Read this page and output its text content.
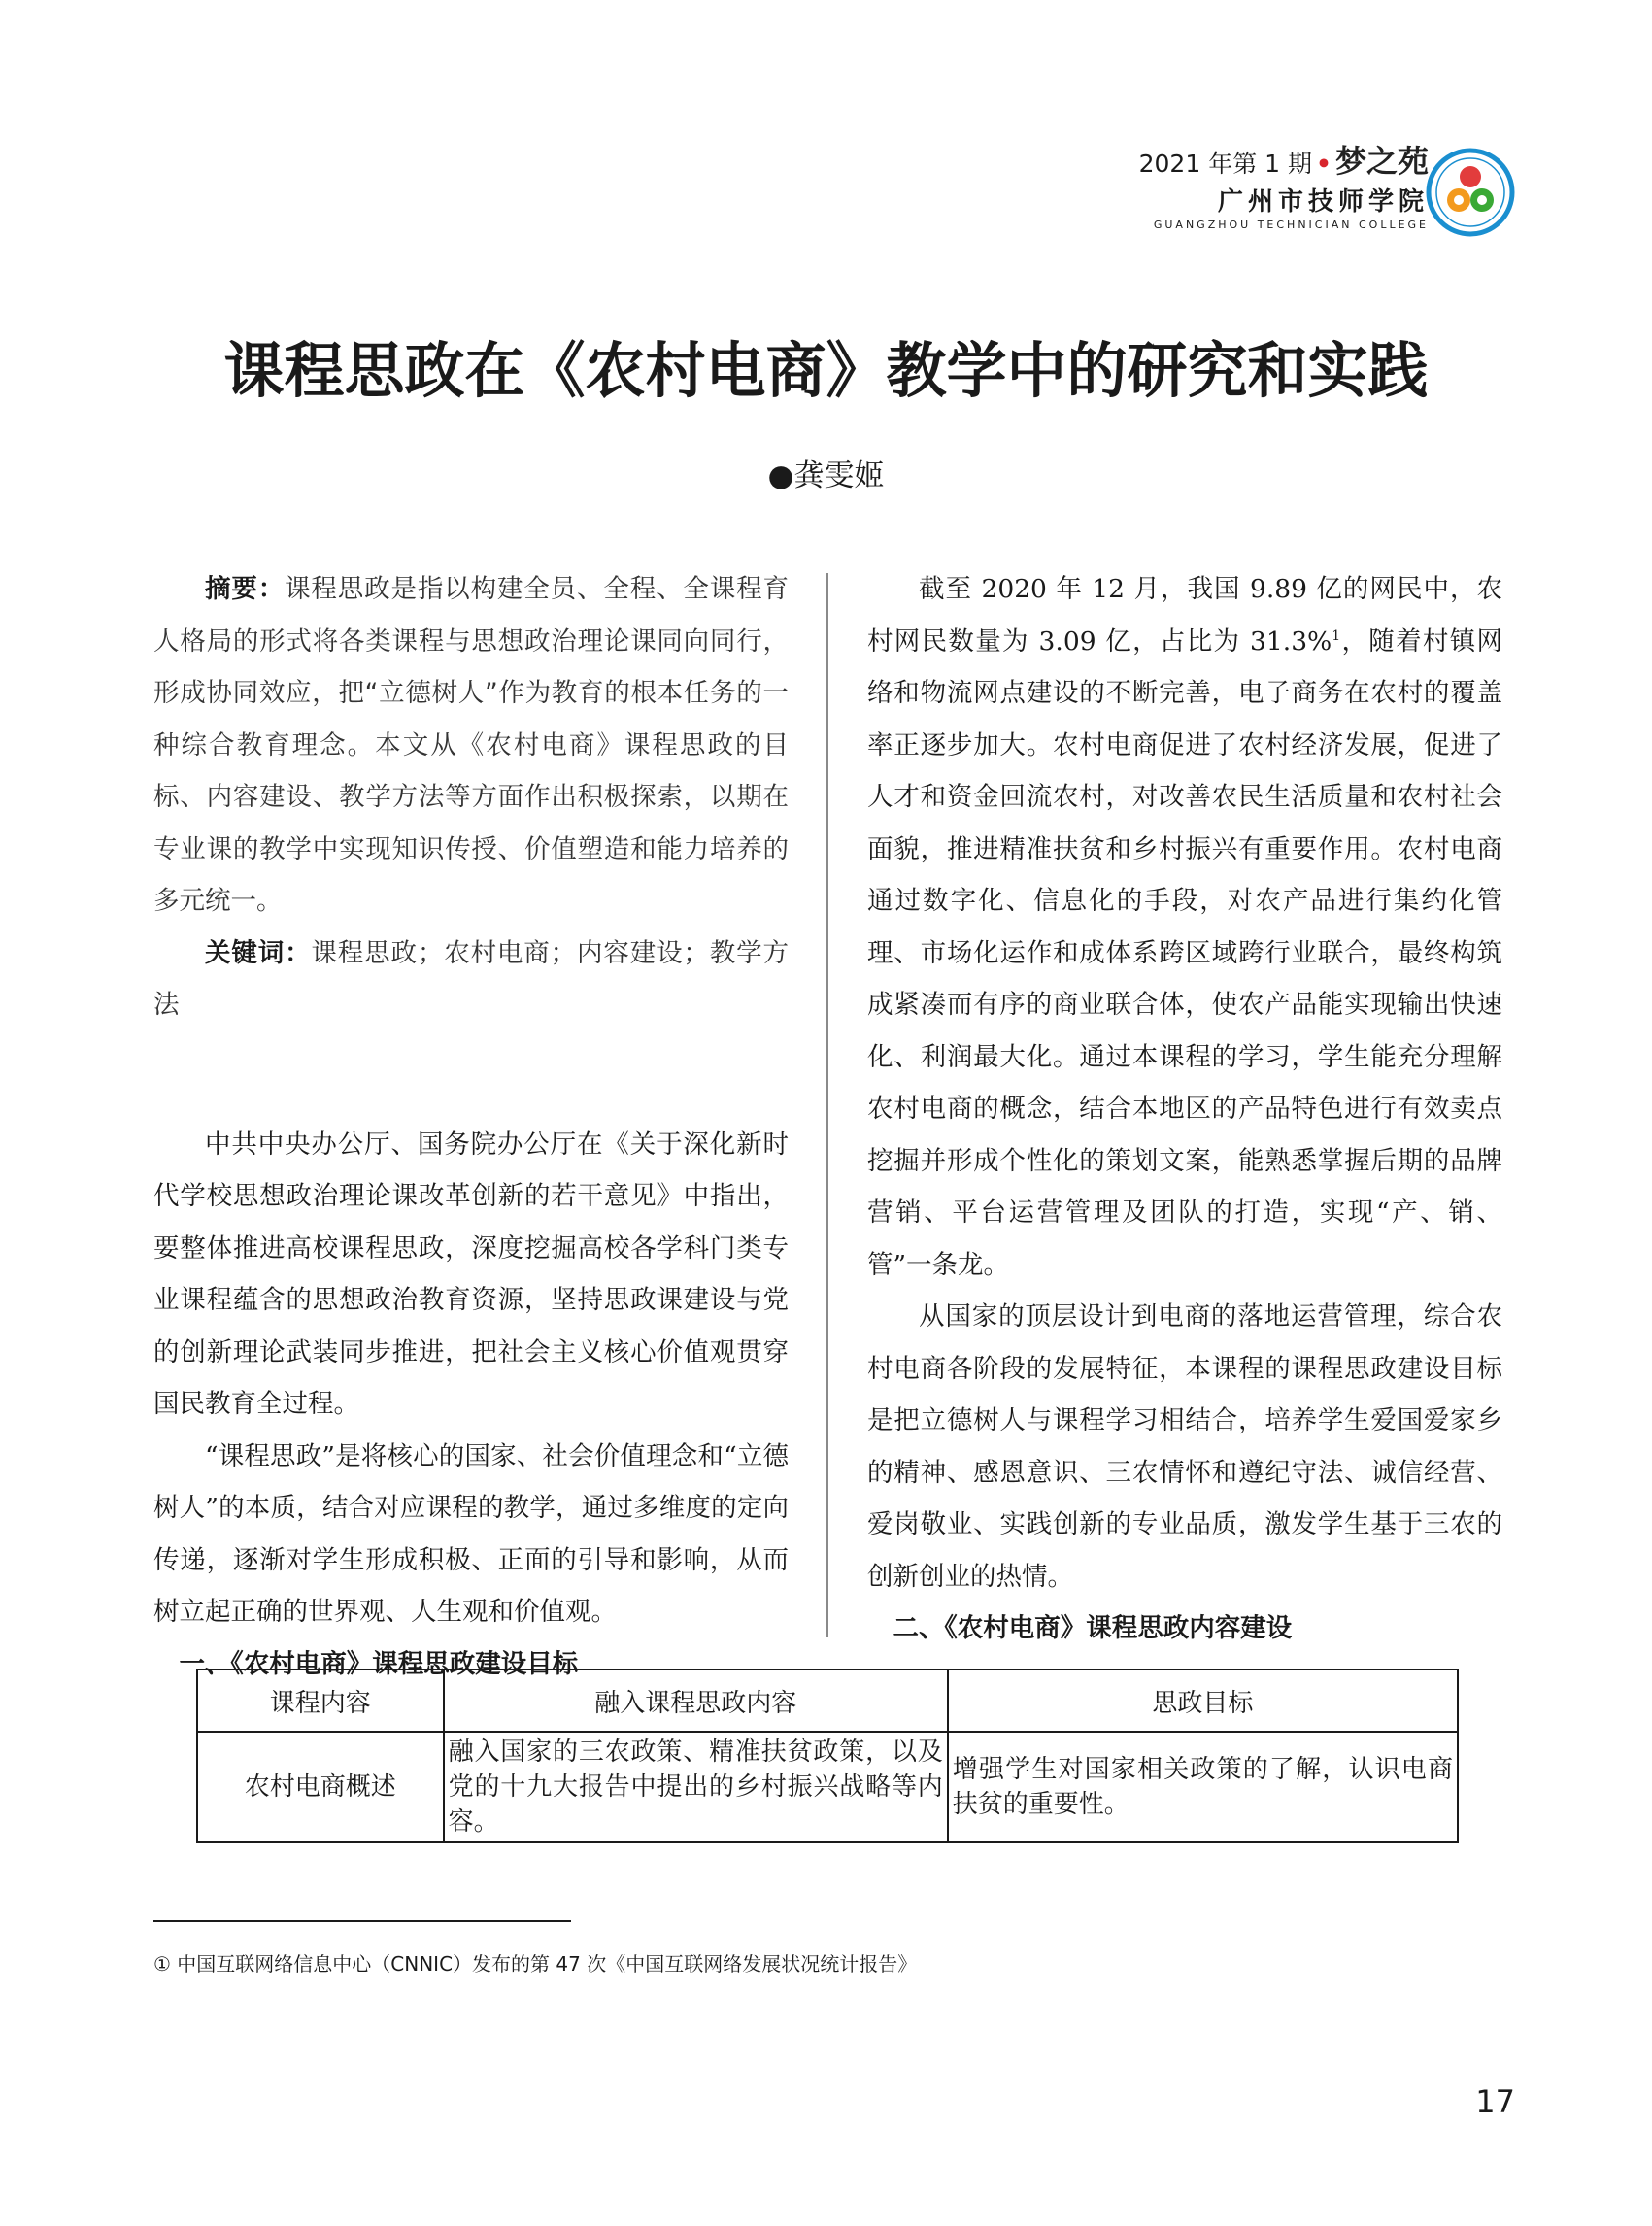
2021 年第 1 期 • 梦之苑
广州市技师学院
GUANGZHOU TECHNICIAN COLLEGE
课程思政在《农村电商》教学中的研究和实践
●龚雯姬

摘要：课程思政是指以构建全员、全程、全课程育人格局的形式将各类课程与思想政治理论课同向同行，形成协同效应，把“立德树人”作为教育的根本任务的一种综合教育理念。本文从《农村电商》课程思政的目标、内容建设、教学方法等方面作出积极探索，以期在专业课的教学中实现知识传授、价值塑造和能力培养的多元统一。

关键词：课程思政；农村电商；内容建设；教学方法

中共中央办公厅、国务院办公厅在《关于深化新时代学校思想政治理论课改革创新的若干意见》中指出，要整体推进高校课程思政，深度挖掘高校各学科门类专业课程蕴含的思想政治教育资源，坚持思政课建设与党的创新理论武装同步推进，把社会主义核心价值观贯穿国民教育全过程。

“课程思政”是将核心的国家、社会价值理念和“立德树人”的本质，结合对应课程的教学，通过多维度的定向传递，逐渐对学生形成积极、正面的引导和影响，从而树立起正确的世界观、人生观和价值观。

一、《农村电商》课程思政建设目标

截至 2020 年 12 月，我国 9.89 亿的网民中，农村网民数量为 3.09 亿，占比为 31.3%$^1$，随着村镇网络和物流网点建设的不断完善，电子商务在农村的覆盖率正逐步加大。农村电商促进了农村经济发展，促进了人才和资金回流农村，对改善农民生活质量和农村社会面貌，推进精准扶贫和乡村振兴有重要作用。农村电商通过数字化、信息化的手段，对农产品进行集约化管理、市场化运作和成体系跨区域跨行业联合，最终构筑成紧凑而有序的商业联合体，使农产品能实现输出快速化、利润最大化。通过本课程的学习，学生能充分理解农村电商的概念，结合本地区的产品特色进行有效卖点挖掘并形成个性化的策划文案，能熟悉掌握后期的品牌营销、平台运营管理及团队的打造，实现“产、销、管”一条龙。

从国家的顶层设计到电商的落地运营管理，综合农村电商各阶段的发展特征，本课程的课程思政建设目标是把立德树人与课程学习相结合，培养学生爱国爱家乡的精神、感恩意识、三农情怀和遵纪守法、诚信经营、爱岗敬业、实践创新的专业品质，激发学生基于三农的创新创业的热情。

二、《农村电商》课程思政内容建设

课程内容	融入课程思政内容	思政目标
农村电商概述	融入国家的三农政策、精准扶贫政策，以及党的十九大报告中提出的乡村振兴战略等内容。	增强学生对国家相关政策的了解，认识电商扶贫的重要性。
① 中国互联网络信息中心（CNNIC）发布的第 47 次《中国互联网络发展状况统计报告》
17
